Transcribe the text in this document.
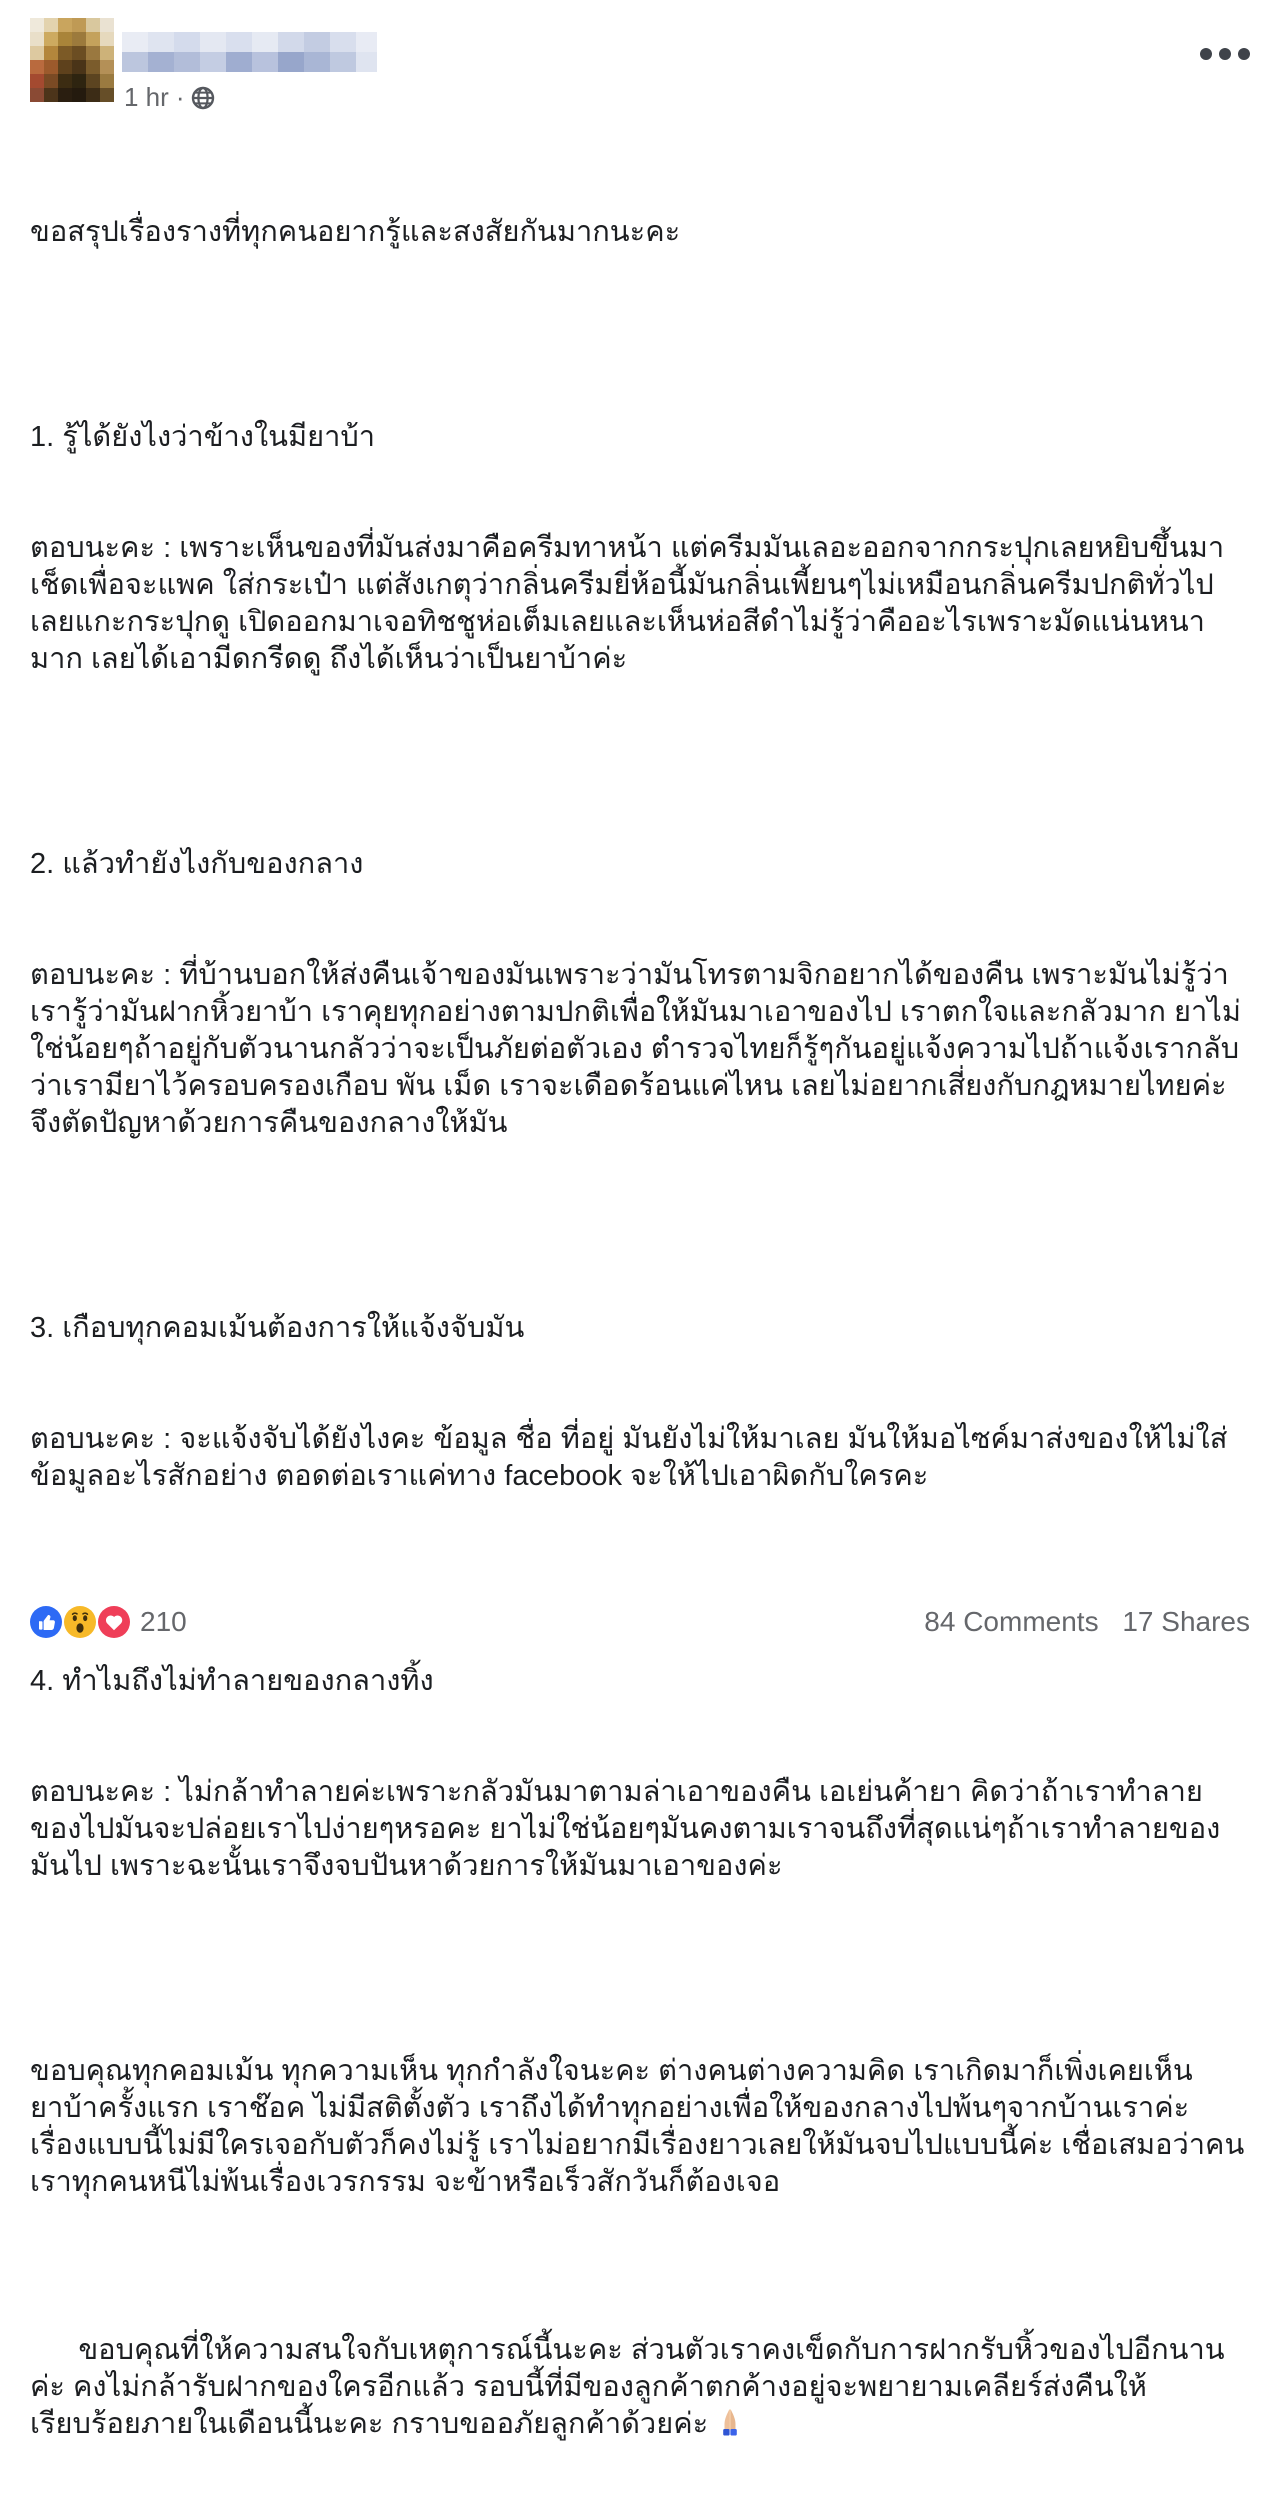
1 hr ·

ขอสรุปเรื่องรางที่ทุกคนอยากรู้และสงสัยกันมากนะคะ

1. รู้ได้ยังไงว่าข้างในมียาบ้า

ตอบนะคะ : เพราะเห็นของที่มันส่งมาคือครีมทาหน้า แต่ครีมมันเลอะออกจากกระปุกเลยหยิบขึ้นมาเช็ดเพื่อจะแพค ใส่กระเป๋า แต่สังเกตุว่ากลิ่นครีมยี่ห้อนี้มันกลิ่นเพี้ยนๆไม่เหมือนกลิ่นครีมปกติทั่วไปเลยแกะกระปุกดู เปิดออกมาเจอทิชชูห่อเต็มเลยและเห็นห่อสีดำไม่รู้ว่าคืออะไรเพราะมัดแน่นหนามาก เลยได้เอามีดกรีดดู ถึงได้เห็นว่าเป็นยาบ้าค่ะ

2. แล้วทำยังไงกับของกลาง

ตอบนะคะ : ที่บ้านบอกให้ส่งคืนเจ้าของมันเพราะว่ามันโทรตามจิกอยากได้ของคืน เพราะมันไม่รู้ว่าเรารู้ว่ามันฝากหิ้วยาบ้า เราคุยทุกอย่างตามปกติเพื่อให้มันมาเอาของไป เราตกใจและกลัวมาก ยาไม่ใช่น้อยๆถ้าอยู่กับตัวนานกลัวว่าจะเป็นภัยต่อตัวเอง ตำรวจไทยก็รู้ๆกันอยู่แจ้งความไปถ้าแจ้งเรากลับว่าเรามียาไว้ครอบครองเกือบ พัน เม็ด เราจะเดือดร้อนแค่ไหน เลยไม่อยากเสี่ยงกับกฎหมายไทยค่ะ จึงตัดปัญหาด้วยการคืนของกลางให้มัน

3. เกือบทุกคอมเม้นต้องการให้แจ้งจับมัน

ตอบนะคะ : จะแจ้งจับได้ยังไงคะ ข้อมูล ชื่อ ที่อยู่ มันยังไม่ให้มาเลย มันให้มอไซค์มาส่งของให้ไม่ใส่ข้อมูลอะไรสักอย่าง ตอดต่อเราแค่ทาง facebook จะให้ไปเอาผิดกับใครคะ

4. ทำไมถึงไม่ทำลายของกลางทิ้ง

ตอบนะคะ : ไม่กล้าทำลายค่ะเพราะกลัวมันมาตามล่าเอาของคืน เอเย่นค้ายา คิดว่าถ้าเราทำลายของไปมันจะปล่อยเราไปง่ายๆหรอคะ ยาไม่ใช่น้อยๆมันคงตามเราจนถึงที่สุดแน่ๆถ้าเราทำลายของมันไป เพราะฉะนั้นเราจึงจบปันหาด้วยการให้มันมาเอาของค่ะ

ขอบคุณทุกคอมเม้น ทุกความเห็น ทุกกำลังใจนะคะ ต่างคนต่างความคิด เราเกิดมาก็เพิ่งเคยเห็นยาบ้าครั้งแรก เราช๊อค ไม่มีสติตั้งตัว เราถึงได้ทำทุกอย่างเพื่อให้ของกลางไปพ้นๆจากบ้านเราค่ะ เรื่องแบบนี้ไม่มีใครเจอกับตัวก็คงไม่รู้ เราไม่อยากมีเรื่องยาวเลยให้มันจบไปแบบนี้ค่ะ เชื่อเสมอว่าคนเราทุกคนหนีไม่พ้นเรื่องเวรกรรม จะข้าหรือเร็วสักวันก็ต้องเจอ

ขอบคุณที่ให้ความสนใจกับเหตุการณ์นี้นะคะ ส่วนตัวเราคงเข็ดกับการฝากรับหิ้วของไปอีกนานค่ะ คงไม่กล้ารับฝากของใครอีกแล้ว รอบนี้ที่มีของลูกค้าตกค้างอยู่จะพยายามเคลียร์ส่งคืนให้เรียบร้อยภายในเดือนนี้นะคะ กราบขออภัยลูกค้าด้วยค่ะ

210	84 Comments 17 Shares
